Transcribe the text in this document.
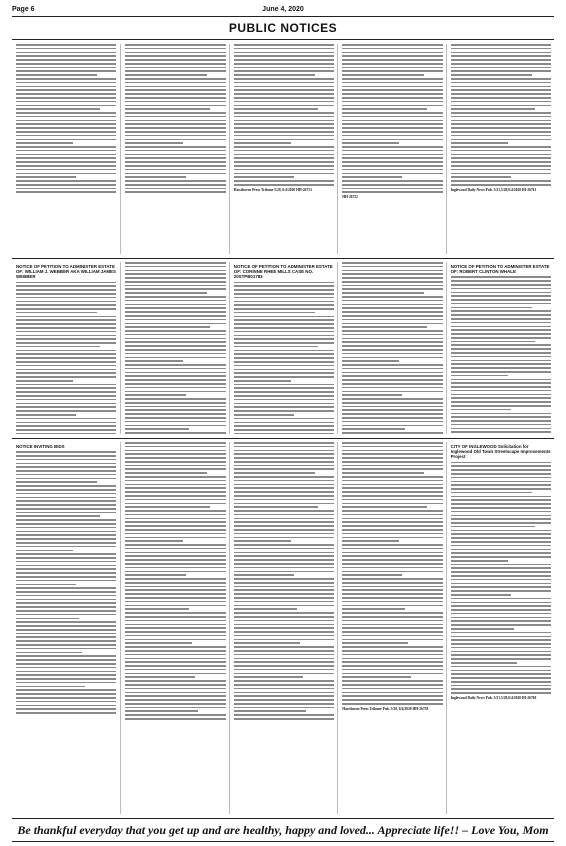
Page 6	June 4, 2020
PUBLIC NOTICES
Hawthorne Press Tribune 5/28, 6/4/2020 HH-26753
HH-26752
Inglewood Daily News Pub. 5/21,5/28,6/4/2020 HI-26761
NOTICE OF PETITION TO ADMINISTER ESTATE OF: WILLIAM J. WEBBER AKA WILLIAM JAMES WEBBER
NOTICE OF PETITION TO ADMINISTER ESTATE OF: CORINNE RHEE MILLS CASE NO. 20STPB01783
NOTICE OF PETITION TO ADMINISTER ESTATE OF: ROBERT CLINTON WHALE
NOTICE INVITING BIDS
Hawthorne Press Tribune Pub. 5/28, 6/4/2020 HH-26758
CITY OF INGLEWOOD Solicitation for Inglewood Old Town Streetscape Improvements Project
Inglewood Daily News Pub. 5/21,5/28,6/4/2020 HI-26760
Be thankful everyday that you get up and are healthy, happy and loved... Appreciate life!! – Love You, Mom
